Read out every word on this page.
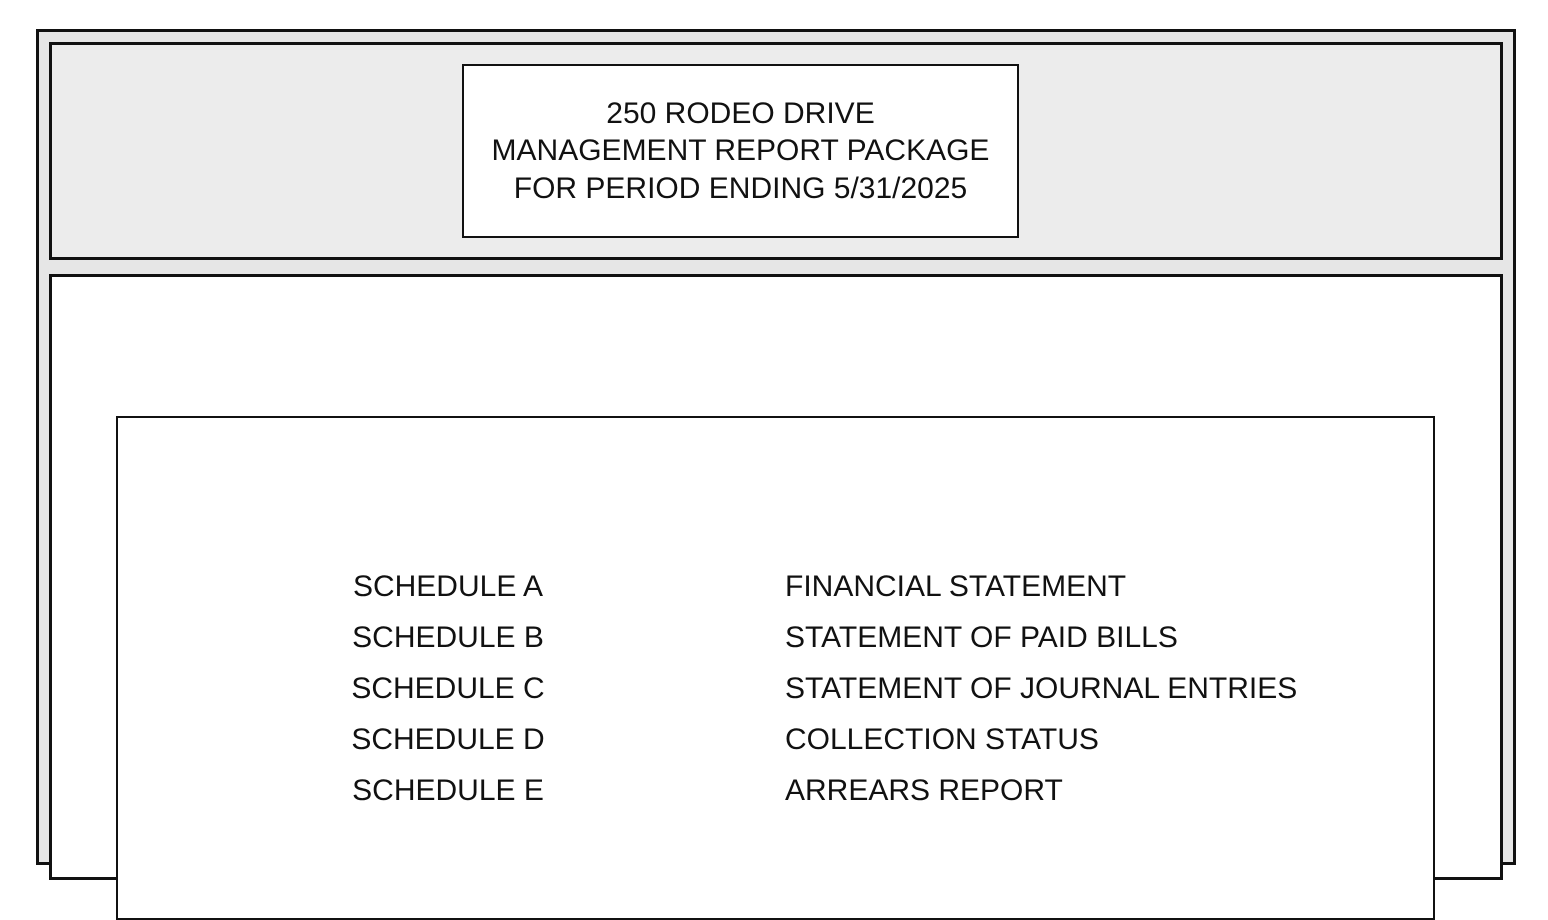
250 RODEO DRIVE
MANAGEMENT REPORT PACKAGE
FOR PERIOD ENDING 5/31/2025
SCHEDULE A	FINANCIAL STATEMENT
SCHEDULE B	STATEMENT OF PAID BILLS
SCHEDULE C	STATEMENT OF JOURNAL ENTRIES
SCHEDULE D	COLLECTION STATUS
SCHEDULE E	ARREARS REPORT
